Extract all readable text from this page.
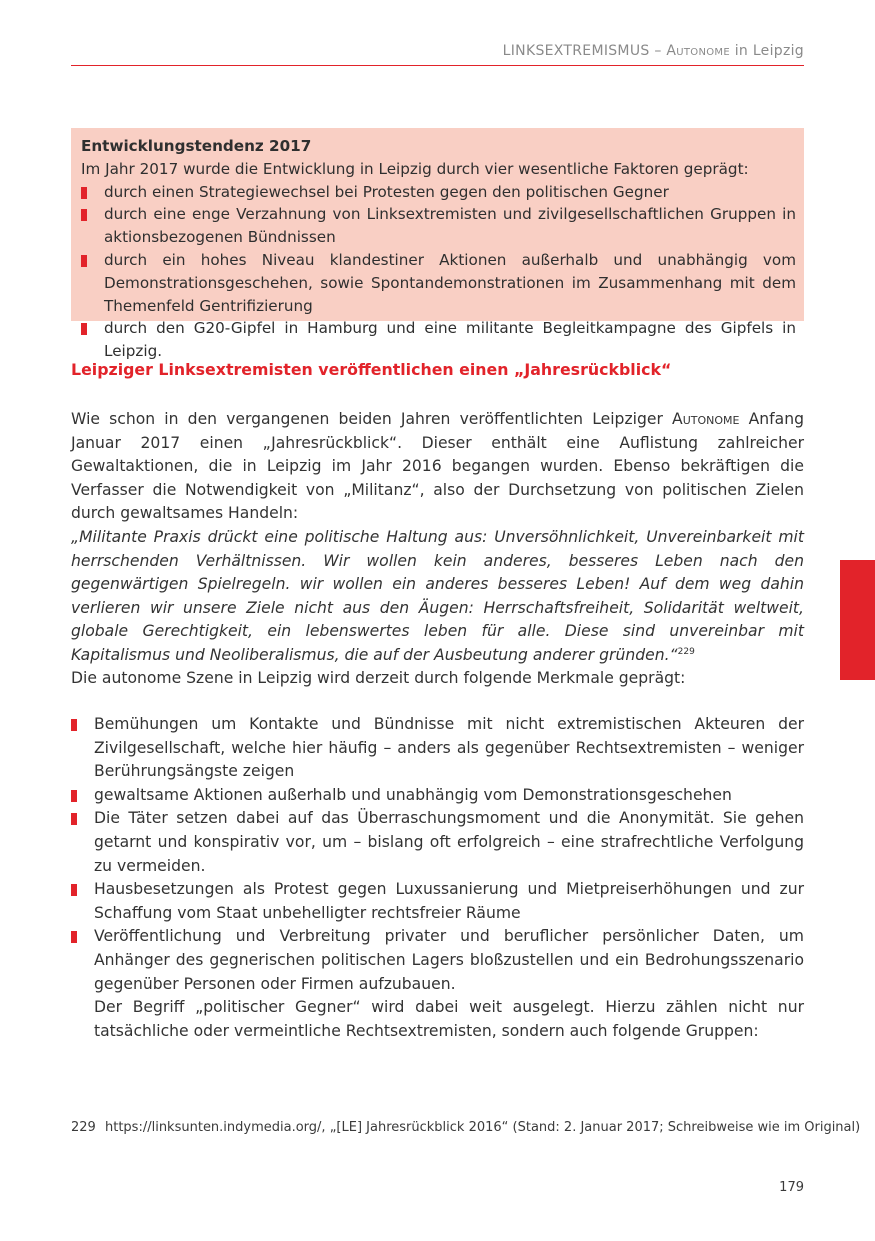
LINKSEXTREMISMUS – Autonome in Leipzig
Entwicklungstendenz 2017
Im Jahr 2017 wurde die Entwicklung in Leipzig durch vier wesentliche Faktoren geprägt:
durch einen Strategiewechsel bei Protesten gegen den politischen Gegner
durch eine enge Verzahnung von Linksextremisten und zivilgesellschaftlichen Gruppen in aktionsbezogenen Bündnissen
durch ein hohes Niveau klandestiner Aktionen außerhalb und unabhängig vom Demonstrationsgeschehen, sowie Spontandemonstrationen im Zusammenhang mit dem Themenfeld Gentrifizierung
durch den G20-Gipfel in Hamburg und eine militante Begleitkampagne des Gipfels in Leipzig.
Leipziger Linksextremisten veröffentlichen einen „Jahresrückblick“
Wie schon in den vergangenen beiden Jahren veröffentlichten Leipziger Autonome Anfang Januar 2017 einen „Jahresrückblick“. Dieser enthält eine Auflistung zahlreicher Gewaltaktionen, die in Leipzig im Jahr 2016 begangen wurden. Ebenso bekräftigen die Verfasser die Notwendigkeit von „Militanz“, also der Durchsetzung von politischen Zielen durch gewaltsames Handeln:
„Militante Praxis drückt eine politische Haltung aus: Unversöhnlichkeit, Unvereinbarkeit mit herrschenden Verhältnissen. Wir wollen kein anderes, besseres Leben nach den gegenwärtigen Spielregeln. wir wollen ein anderes besseres Leben! Auf dem weg dahin verlieren wir unsere Ziele nicht aus den Äugen: Herrschaftsfreiheit, Solidarität weltweit, globale Gerechtigkeit, ein lebenswertes leben für alle. Diese sind unvereinbar mit Kapitalismus und Neoliberalismus, die auf der Ausbeutung anderer gründen.“$^{229}$
Die autonome Szene in Leipzig wird derzeit durch folgende Merkmale geprägt:
Bemühungen um Kontakte und Bündnisse mit nicht extremistischen Akteuren der Zivilgesellschaft, welche hier häufig – anders als gegenüber Rechtsextremisten – weniger Berührungsängste zeigen
gewaltsame Aktionen außerhalb und unabhängig vom Demonstrationsgeschehen
Die Täter setzen dabei auf das Überraschungsmoment und die Anonymität. Sie gehen getarnt und konspirativ vor, um – bislang oft erfolgreich – eine strafrechtliche Verfolgung zu vermeiden.
Hausbesetzungen als Protest gegen Luxussanierung und Mietpreiserhöhungen und zur Schaffung vom Staat unbehelligter rechtsfreier Räume
Veröffentlichung und Verbreitung privater und beruflicher persönlicher Daten, um Anhänger des gegnerischen politischen Lagers bloßzustellen und ein Bedrohungsszenario gegenüber Personen oder Firmen aufzubauen.
Der Begriff „politischer Gegner“ wird dabei weit ausgelegt. Hierzu zählen nicht nur tatsächliche oder vermeintliche Rechtsextremisten, sondern auch folgende Gruppen:
229 https://linksunten.indymedia.org/, „[LE] Jahresrückblick 2016“ (Stand: 2. Januar 2017; Schreibweise wie im Original)
179
